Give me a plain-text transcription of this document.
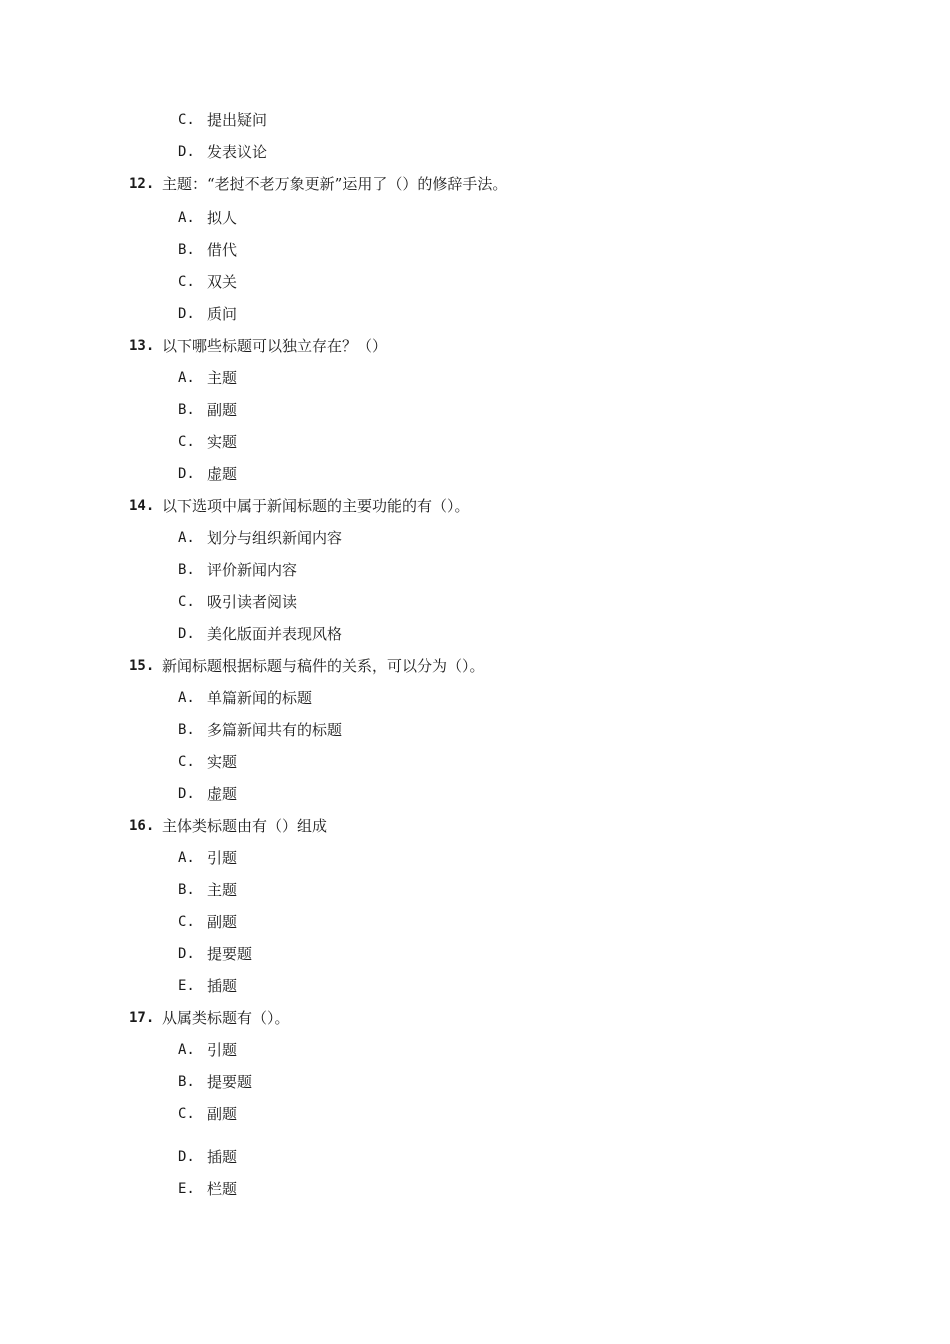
C. 提出疑问
D. 发表议论
12. 主题：“老挝不老万象更新”运用了（）的修辞手法。
A. 拟人
B. 借代
C. 双关
D. 质问
13. 以下哪些标题可以独立存在？（）
A. 主题
B. 副题
C. 实题
D. 虚题
14. 以下选项中属于新闻标题的主要功能的有（）。
A. 划分与组织新闻内容
B. 评价新闻内容
C. 吸引读者阅读
D. 美化版面并表现风格
15. 新闻标题根据标题与稿件的关系，可以分为（）。
A. 单篇新闻的标题
B. 多篇新闻共有的标题
C. 实题
D. 虚题
16. 主体类标题由有（）组成
A. 引题
B. 主题
C. 副题
D. 提要题
E. 插题
17. 从属类标题有（）。
A. 引题
B. 提要题
C. 副题
D. 插题
E. 栏题
